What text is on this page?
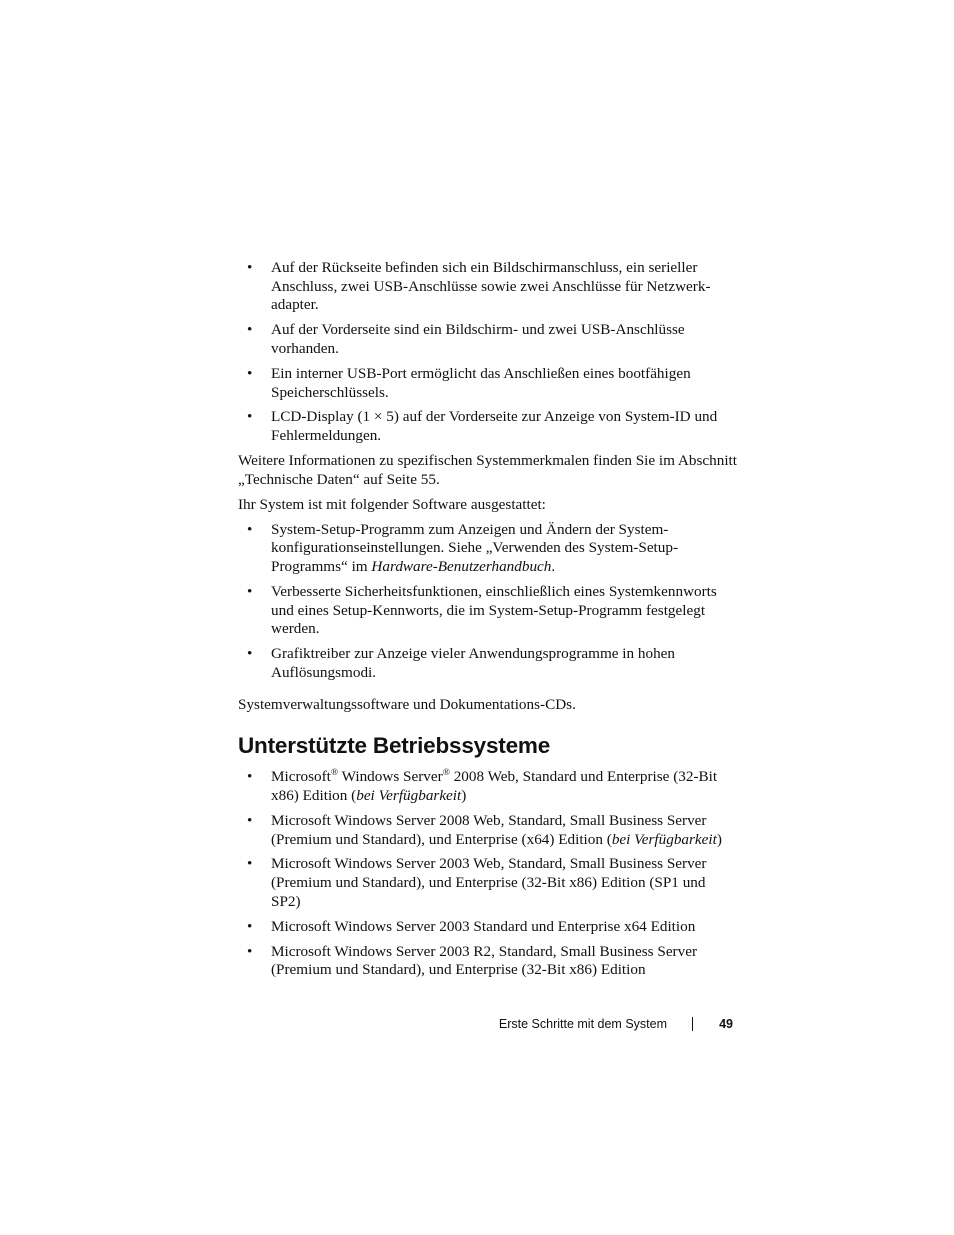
• Auf der Rückseite befinden sich ein Bildschirmanschluss, ein serieller Anschluss, zwei USB-Anschlüsse sowie zwei Anschlüsse für Netzwerk-adapter.
• Auf der Vorderseite sind ein Bildschirm- und zwei USB-Anschlüsse vorhanden.
• Ein interner USB-Port ermöglicht das Anschließen eines bootfähigen Speicherschlüssels.
• LCD-Display (1 × 5) auf der Vorderseite zur Anzeige von System-ID und Fehlermeldungen.

Weitere Informationen zu spezifischen Systemmerkmalen finden Sie im Abschnitt „Technische Daten“ auf Seite 55.

Ihr System ist mit folgender Software ausgestattet:

• System-Setup-Programm zum Anzeigen und Ändern der System-konfigurationseinstellungen. Siehe „Verwenden des System-Setup-Programms“ im Hardware-Benutzerhandbuch.
• Verbesserte Sicherheitsfunktionen, einschließlich eines Systemkennworts und eines Setup-Kennworts, die im System-Setup-Programm festgelegt werden.
• Grafiktreiber zur Anzeige vieler Anwendungsprogramme in hohen Auflösungsmodi.

Systemverwaltungssoftware und Dokumentations-CDs.

Unterstützte Betriebssysteme
• Microsoft® Windows Server® 2008 Web, Standard und Enterprise (32-Bit x86) Edition (bei Verfügbarkeit)
• Microsoft Windows Server 2008 Web, Standard, Small Business Server (Premium und Standard), und Enterprise (x64) Edition (bei Verfügbarkeit)
• Microsoft Windows Server 2003 Web, Standard, Small Business Server (Premium und Standard), und Enterprise (32-Bit x86) Edition (SP1 und SP2)
• Microsoft Windows Server 2003 Standard und Enterprise x64 Edition
• Microsoft Windows Server 2003 R2, Standard, Small Business Server (Premium und Standard), und Enterprise (32-Bit x86) Edition
Erste Schritte mit dem System	49
